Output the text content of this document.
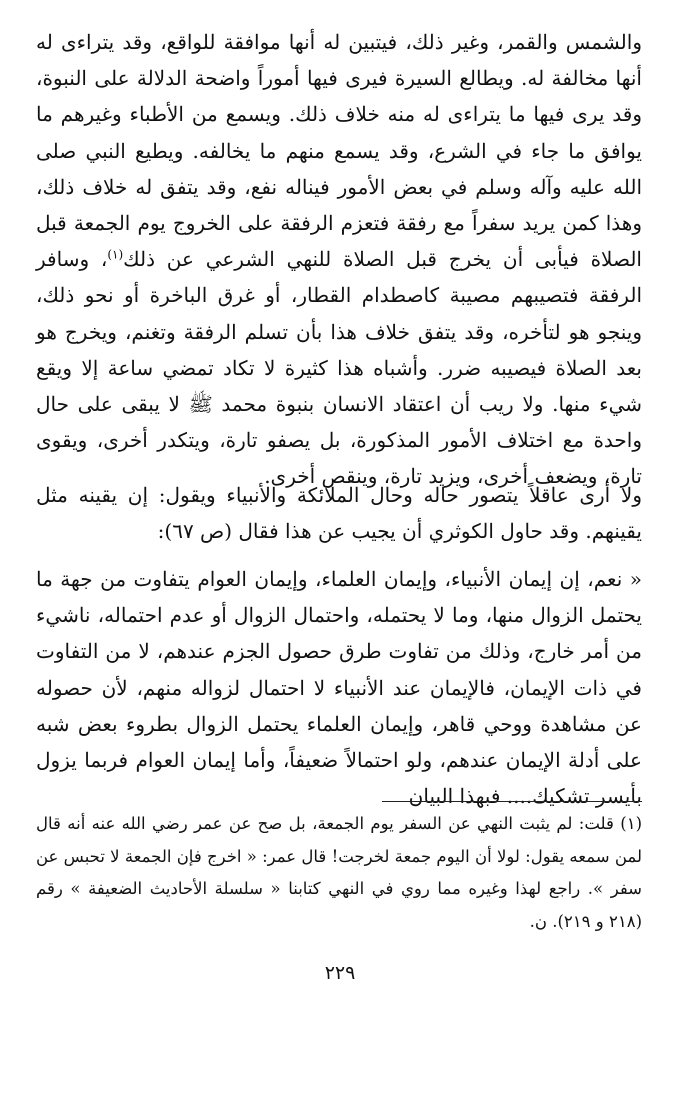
والشمس والقمر، وغير ذلك، فيتبين له أنها موافقة للواقع، وقد يتراءى له أنها مخالفة له. ويطالع السيرة فيرى فيها أموراً واضحة الدلالة على النبوة، وقد يرى فيها ما يتراءى له منه خلاف ذلك. ويسمع من الأطباء وغيرهم ما يوافق ما جاء في الشرع، وقد يسمع منهم ما يخالفه. ويطيع النبي صلى الله عليه وآله وسلم في بعض الأمور فيناله نفع، وقد يتفق له خلاف ذلك، وهذا كمن يريد سفراً مع رفقة فتعزم الرفقة على الخروج يوم الجمعة قبل الصلاة فيأبى أن يخرج قبل الصلاة للنهي الشرعي عن ذلك$^{(١)}$، وسافر الرفقة فتصيبهم مصيبة كاصطدام القطار، أو غرق الباخرة أو نحو ذلك، وينجو هو لتأخره، وقد يتفق خلاف هذا بأن تسلم الرفقة وتغنم، ويخرج هو بعد الصلاة فيصيبه ضرر. وأشباه هذا كثيرة لا تكاد تمضي ساعة إلا ويقع شيء منها. ولا ريب أن اعتقاد الانسان بنبوة محمد ﷺ لا يبقى على حال واحدة مع اختلاف الأمور المذكورة، بل يصفو تارة، ويتكدر أخرى، ويقوى تارة، ويضعف أخرى، ويزيد تارة، وينقص أخرى.

ولا أرى عاقلاً يتصور حاله وحال الملائكة والأنبياء ويقول: إن يقينه مثل يقينهم. وقد حاول الكوثري أن يجيب عن هذا فقال (ص ٦٧):

« نعم، إن إيمان الأنبياء، وإيمان العلماء، وإيمان العوام يتفاوت من جهة ما يحتمل الزوال منها، وما لا يحتمله، واحتمال الزوال أو عدم احتماله، ناشيء من أمر خارج، وذلك من تفاوت طرق حصول الجزم عندهم، لا من التفاوت في ذات الإيمان، فالإيمان عند الأنبياء لا احتمال لزواله منهم، لأن حصوله عن مشاهدة ووحي قاهر، وإيمان العلماء يحتمل الزوال بطروء بعض شبه على أدلة الإيمان عندهم، ولو احتمالاً ضعيفاً، وأما إيمان العوام فربما يزول بأيسر تشكيك.... فبهذا البيان

(١) قلت: لم يثبت النهي عن السفر يوم الجمعة، بل صح عن عمر رضي الله عنه أنه قال لمن سمعه يقول: لولا أن اليوم جمعة لخرجت! قال عمر: « اخرج فإن الجمعة لا تحبس عن سفر ». راجع لهذا وغيره مما روي في النهي كتابنا « سلسلة الأحاديث الضعيفة » رقم (٢١٨ و ٢١٩). ن.

٢٢٩
